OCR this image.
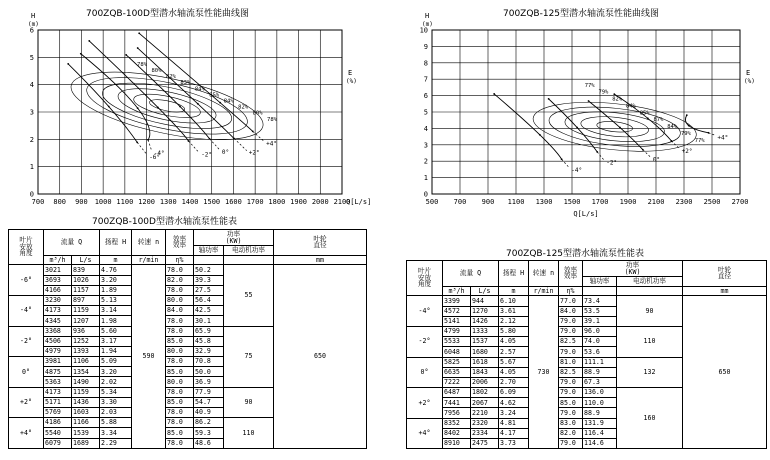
700ZQB-100D型潜水轴流泵性能曲线图	700ZQB-125型潜水轴流泵性能曲线图
700 800 900 1000 1100 1200 1300 1400 1500 1600 1700 1800 1900 2000 2100
0
1
2
3
4
5
6
H
(m)
Q[L/s]
E
(%)
-6°
-4°	-2° 0°	+2°
+4°
78%
80%
82%
83%
84%
85%
84%
82%
80%
78%
500 700 900 1100 1300 1500 1700 1900 2100 2300 2500 2700
0
1
2
3
4
5
6
7
8
9
10
H
(m)
Q[L/s]
E
(%)
-4°
-2°	0°
+2°
+4°
77%
79%
82%
84%
85%
87%
84%
79%
77%
700ZQB-100D型潜水轴流泵性能表
700ZQB-125型潜水轴流泵性能表
叶片
安放
角度	流量 Q		扬程 H	转速 n	效率
效率	功率
(KW)		叶轮
直径
						轴功率	电动机功率	
	m³/h	L/s	m	r/min	η%			mm
-6°	3021	839	4.76	590	78.0	50.2	55	650
	3693	1026	3.20		82.0	39.3		
	4166	1157	1.89		78.0	27.5		
-4°	3230	897	5.13		80.0	56.4		
	4173	1159	3.14		84.0	42.5		
	4345	1207	1.98		78.0	30.1		
-2°	3368	936	5.60		78.0	65.9	75	
	4506	1252	3.17		85.0	45.8		
	4979	1393	1.94		80.0	32.9		
0°	3981	1106	5.09		78.0	70.8		
	4875	1354	3.20		85.0	50.0		
	5363	1490	2.02		80.0	36.9		
+2°	4173	1159	5.34		78.0	77.9	90	
	5171	1436	3.30		85.0	54.7		
	5769	1603	2.03		78.0	40.9		
+4°	4186	1166	5.88		78.0	86.2	110	
	5540	1539	3.34		85.0	59.3		
	6079	1689	2.29		78.0	48.6		
叶片
安放
角度	流量 Q		扬程 H	转速 n	效率
效率	功率
(KW)		叶轮
直径
						轴功率	电动机功率	
	m³/h	L/s	m	r/min	η%			mm
-4°	3399	944	6.10	730	77.0	73.4	90	650
	4572	1270	3.61		84.0	53.5		
	5141	1426	2.12		79.0	39.1		
-2°	4799	1333	5.80		79.0	96.0	110	
	5533	1537	4.05		82.5	74.0		
	6048	1680	2.57		79.0	53.6		
0°	5825	1618	5.67		81.0	111.1	132	
	6635	1843	4.05		82.5	88.9		
	7222	2006	2.70		79.0	67.3		
+2°	6487	1802	6.09		79.0	136.0	160	
	7441	2067	4.62		85.0	110.0		
	7956	2210	3.24		79.0	88.9		
+4°	8352	2320	4.81		83.0	131.9		
	8402	2334	4.17		82.0	116.4		
	8910	2475	3.73		79.0	114.6		
